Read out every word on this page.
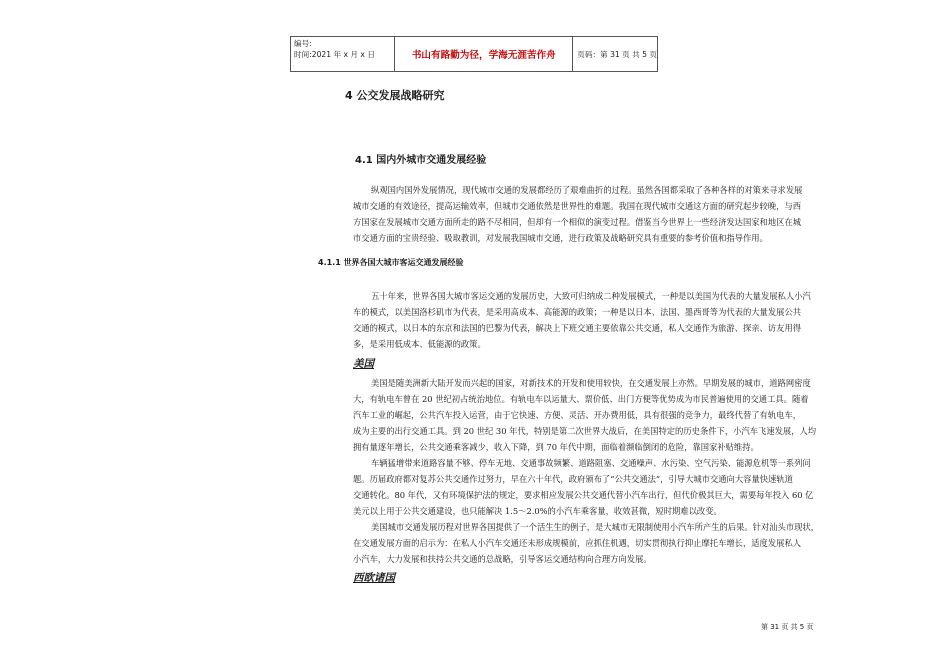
编号:
时间:2021 年 x 月 x 日	书山有路勤为径，学海无涯苦作舟	页码：第 31 页 共 5 页
4 公交发展战略研究
4.1 国内外城市交通发展经验
纵观国内国外发展情况，现代城市交通的发展都经历了艰难曲折的过程。虽然各国都采取了各种各样的对策来寻求发展
城市交通的有效途径，提高运输效率，但城市交通依然是世界性的难题。我国在现代城市交通这方面的研究起步较晚，与西
方国家在发展城市交通方面所走的路不尽相同，但却有一个相似的演变过程。借鉴当今世界上一些经济发达国家和地区在城
市交通方面的宝贵经验、吸取教训，对发展我国城市交通，进行政策及战略研究具有重要的参考价值和指导作用。
4.1.1 世界各国大城市客运交通发展经验
五十年来，世界各国大城市客运交通的发展历史，大致可归纳成二种发展模式，一种是以美国为代表的大量发展私人小汽
车的模式，以美国洛杉矶市为代表，是采用高成本、高能源的政策；一种是以日本、法国、墨西哥等为代表的大量发展公共
交通的模式，以日本的东京和法国的巴黎为代表，解决上下班交通主要依靠公共交通，私人交通作为旅游、探亲、访友用得
多，是采用低成本、低能源的政策。
美国
美国是随美洲新大陆开发而兴起的国家，对新技术的开发和使用较快，在交通发展上亦然。早期发展的城市，道路网密度
大，有轨电车曾在 20 世纪初占统治地位。有轨电车以运量大、票价低、出门方便等优势成为市民普遍使用的交通工具。随着
汽车工业的崛起，公共汽车投入运营，由于它快速、方便、灵活、开办费用低，具有很强的竞争力，最终代替了有轨电车，
成为主要的出行交通工具。到 20 世纪 30 年代，特别是第二次世界大战后，在美国特定的历史条件下，小汽车飞速发展，人均
拥有量逐年增长，公共交通乘客减少，收入下降，到 70 年代中期，面临着濒临倒闭的危险，靠国家补贴维持。
车辆猛增带来道路容量不够、停车无地、交通事故频繁、道路阻塞、交通噪声、水污染、空气污染、能源危机等一系列问
题。历届政府都对复苏公共交通作过努力，早在六十年代，政府颁布了“公共交通法”，引导大城市交通向大容量快速轨道
交通转化。80 年代，又有环境保护法的规定，要求相应发展公共交通代替小汽车出行，但代价极其巨大，需要每年投入 60 亿
美元以上用于公共交通建设，也只能解决 1.5～2.0%的小汽车乘客量，收效甚微，短时期难以改变。
美国城市交通发展历程对世界各国提供了一个活生生的例子，是大城市无限制使用小汽车所产生的后果。针对汕头市现状，
在交通发展方面的启示为：在私人小汽车交通还未形成规模前，应抓住机遇，切实贯彻执行抑止摩托车增长，适度发展私人
小汽车，大力发展和扶持公共交通的总战略，引导客运交通结构向合理方向发展。
西欧诸国
第 31 页 共 5 页
